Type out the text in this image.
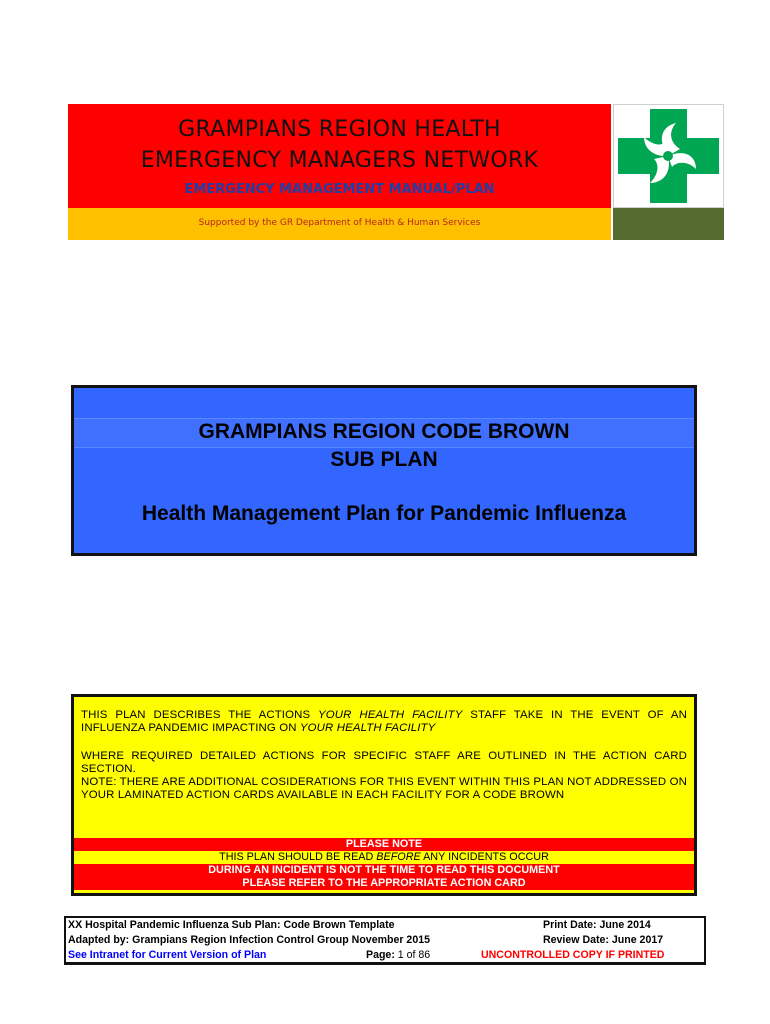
GRAMPIANS REGION HEALTH
EMERGENCY MANAGERS NETWORK
EMERGENCY MANAGEMENT MANUAL/PLAN
Supported by the GR Department of Health & Human Services
GRAMPIANS REGION CODE BROWN
SUB PLAN
Health Management Plan for Pandemic Influenza
THIS PLAN DESCRIBES THE ACTIONS YOUR HEALTH FACILITY STAFF TAKE IN THE EVENT OF AN INFLUENZA PANDEMIC IMPACTING ON YOUR HEALTH FACILITY
WHERE REQUIRED DETAILED ACTIONS FOR SPECIFIC STAFF ARE OUTLINED IN THE ACTION CARD SECTION.
NOTE: THERE ARE ADDITIONAL COSIDERATIONS FOR THIS EVENT WITHIN THIS PLAN NOT ADDRESSED ON YOUR LAMINATED ACTION CARDS AVAILABLE IN EACH FACILITY FOR A CODE BROWN
PLEASE NOTE
THIS PLAN SHOULD BE READ BEFORE ANY INCIDENTS OCCUR
DURING AN INCIDENT IS NOT THE TIME TO READ THIS DOCUMENT
PLEASE REFER TO THE APPROPRIATE ACTION CARD
XX Hospital Pandemic Influenza Sub Plan: Code Brown Template
Adapted by: Grampians Region Infection Control Group November 2015
See Intranet for Current Version of Plan
Print Date: June 2014
Review Date: June 2017
Page: 1 of 86	UNCONTROLLED COPY IF PRINTED
